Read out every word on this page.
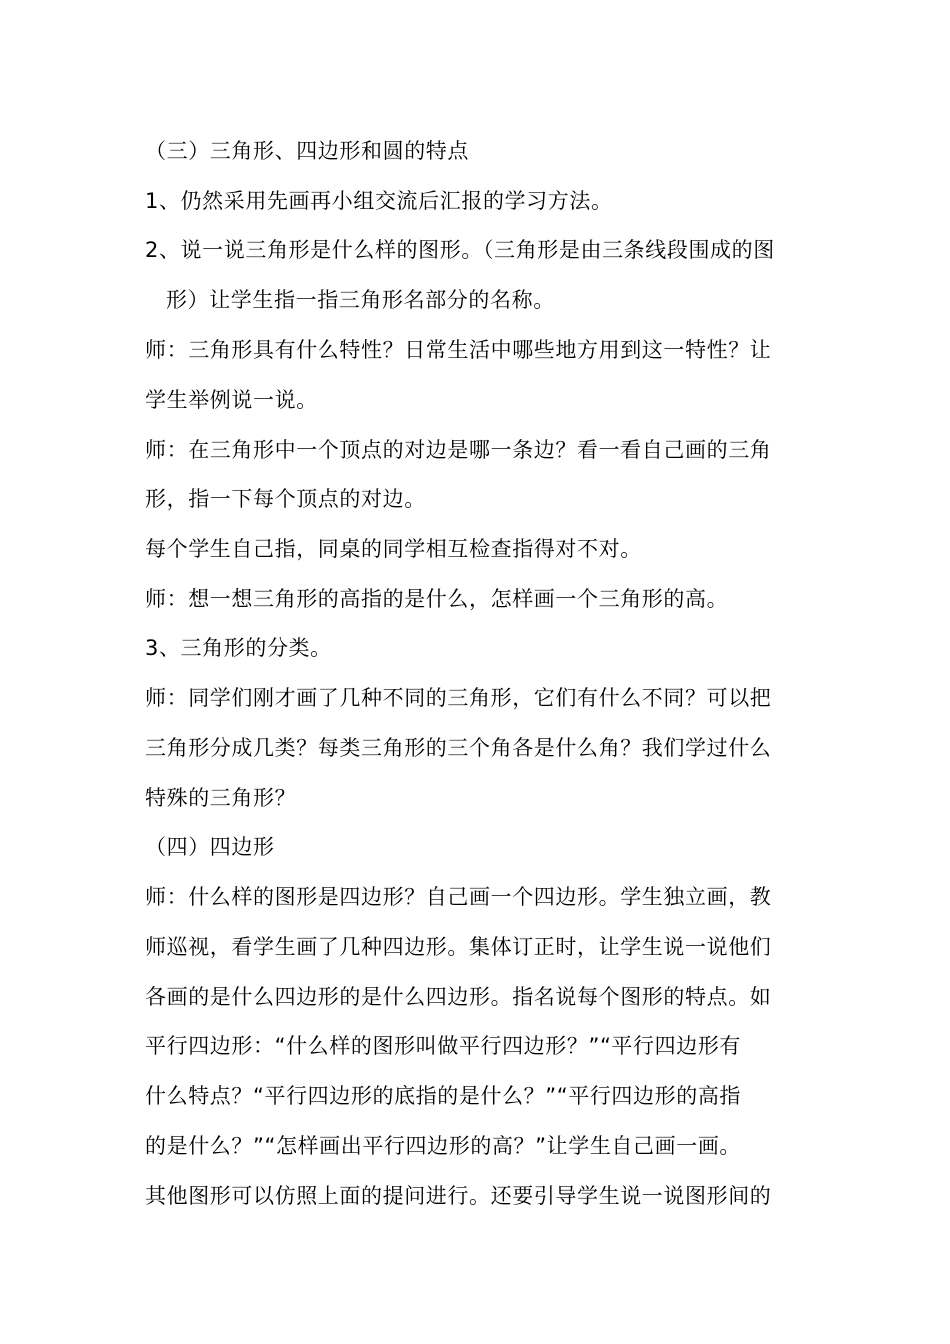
（三）三角形、四边形和圆的特点
1、仍然采用先画再小组交流后汇报的学习方法。
2、说一说三角形是什么样的图形。（三角形是由三条线段围成的图
形）让学生指一指三角形名部分的名称。
师：三角形具有什么特性？日常生活中哪些地方用到这一特性？让
学生举例说一说。
师：在三角形中一个顶点的对边是哪一条边？看一看自己画的三角
形，指一下每个顶点的对边。
每个学生自己指，同桌的同学相互检查指得对不对。
师：想一想三角形的高指的是什么，怎样画一个三角形的高。
3、三角形的分类。
师：同学们刚才画了几种不同的三角形，它们有什么不同？可以把
三角形分成几类？每类三角形的三个角各是什么角？我们学过什么
特殊的三角形？
（四）四边形
师：什么样的图形是四边形？自己画一个四边形。学生独立画，教
师巡视，看学生画了几种四边形。集体订正时，让学生说一说他们
各画的是什么四边形的是什么四边形。指名说每个图形的特点。如
平行四边形：“什么样的图形叫做平行四边形？”“平行四边形有
什么特点？“平行四边形的底指的是什么？”“平行四边形的高指
的是什么？”“怎样画出平行四边形的高？”让学生自己画一画。
其他图形可以仿照上面的提问进行。还要引导学生说一说图形间的
